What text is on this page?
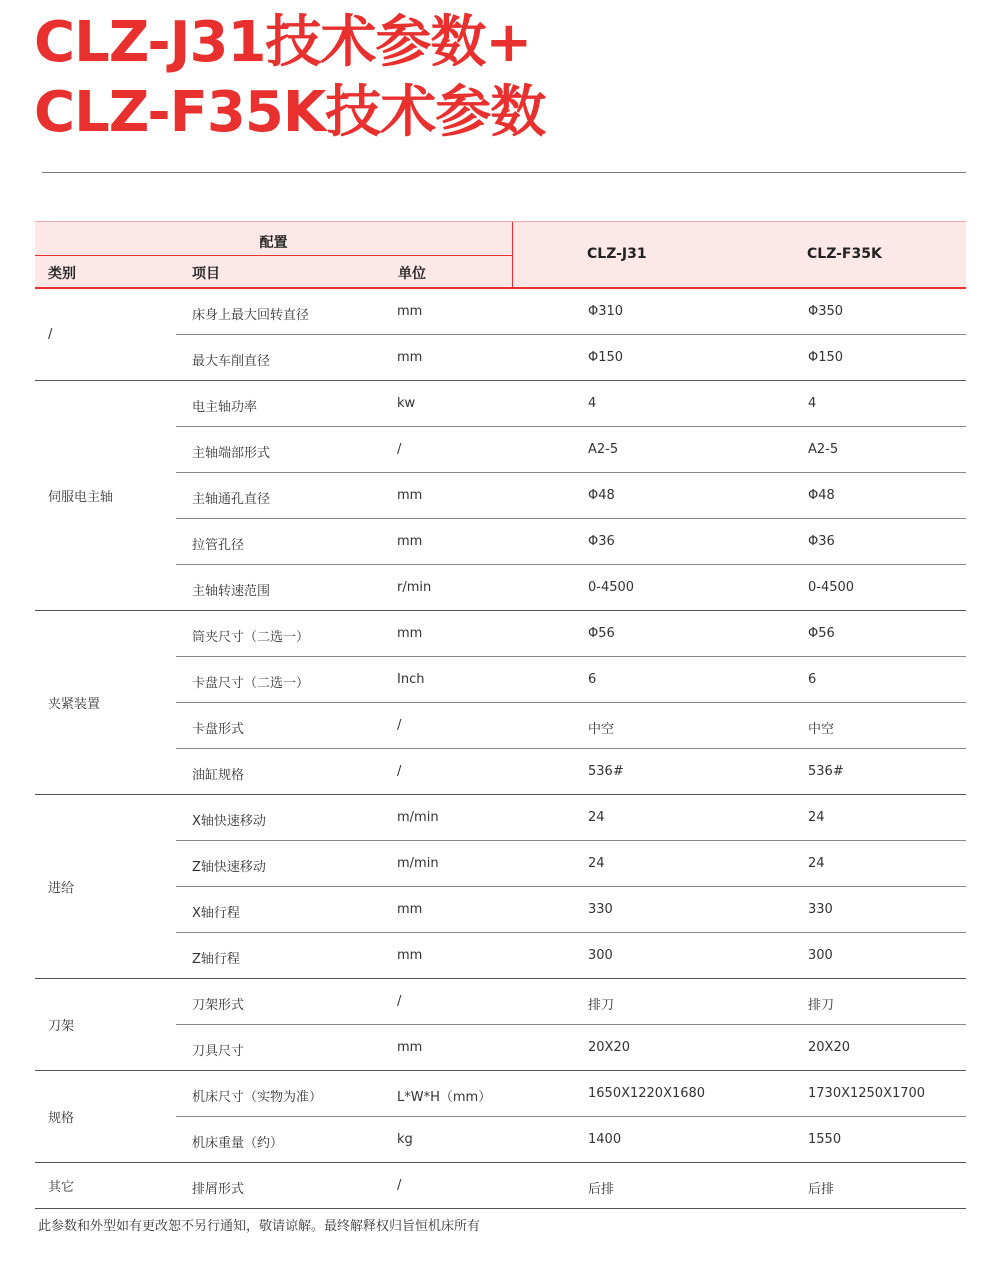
CLZ-J31技术参数+
CLZ-F35K技术参数
配置
类别	项目	单位
CLZ-J31	CLZ-F35K
/
床身上最大回转直径	mm	Φ310	Φ350
最大车削直径	mm	Φ150	Φ150
伺服电主轴
电主轴功率	kw	4	4
主轴端部形式	/	A2-5	A2-5
主轴通孔直径	mm	Φ48	Φ48
拉管孔径	mm	Φ36	Φ36
主轴转速范围	r/min	0-4500	0-4500
夹紧装置
筒夹尺寸（二选一）	mm	Φ56	Φ56
卡盘尺寸（二选一）	Inch	6	6
卡盘形式	/	中空	中空
油缸规格	/	536#	536#
进给
X轴快速移动	m/min	24	24
Z轴快速移动	m/min	24	24
X轴行程	mm	330	330
Z轴行程	mm	300	300
刀架
刀架形式	/	排刀	排刀
刀具尺寸	mm	20X20	20X20
规格
机床尺寸（实物为准）	L*W*H（mm）	1650X1220X1680	1730X1250X1700
机床重量（约）	kg	1400	1550
其它	排屑形式	/	后排	后排
此参数和外型如有更改恕不另行通知，敬请谅解。最终解释权归旨恒机床所有
